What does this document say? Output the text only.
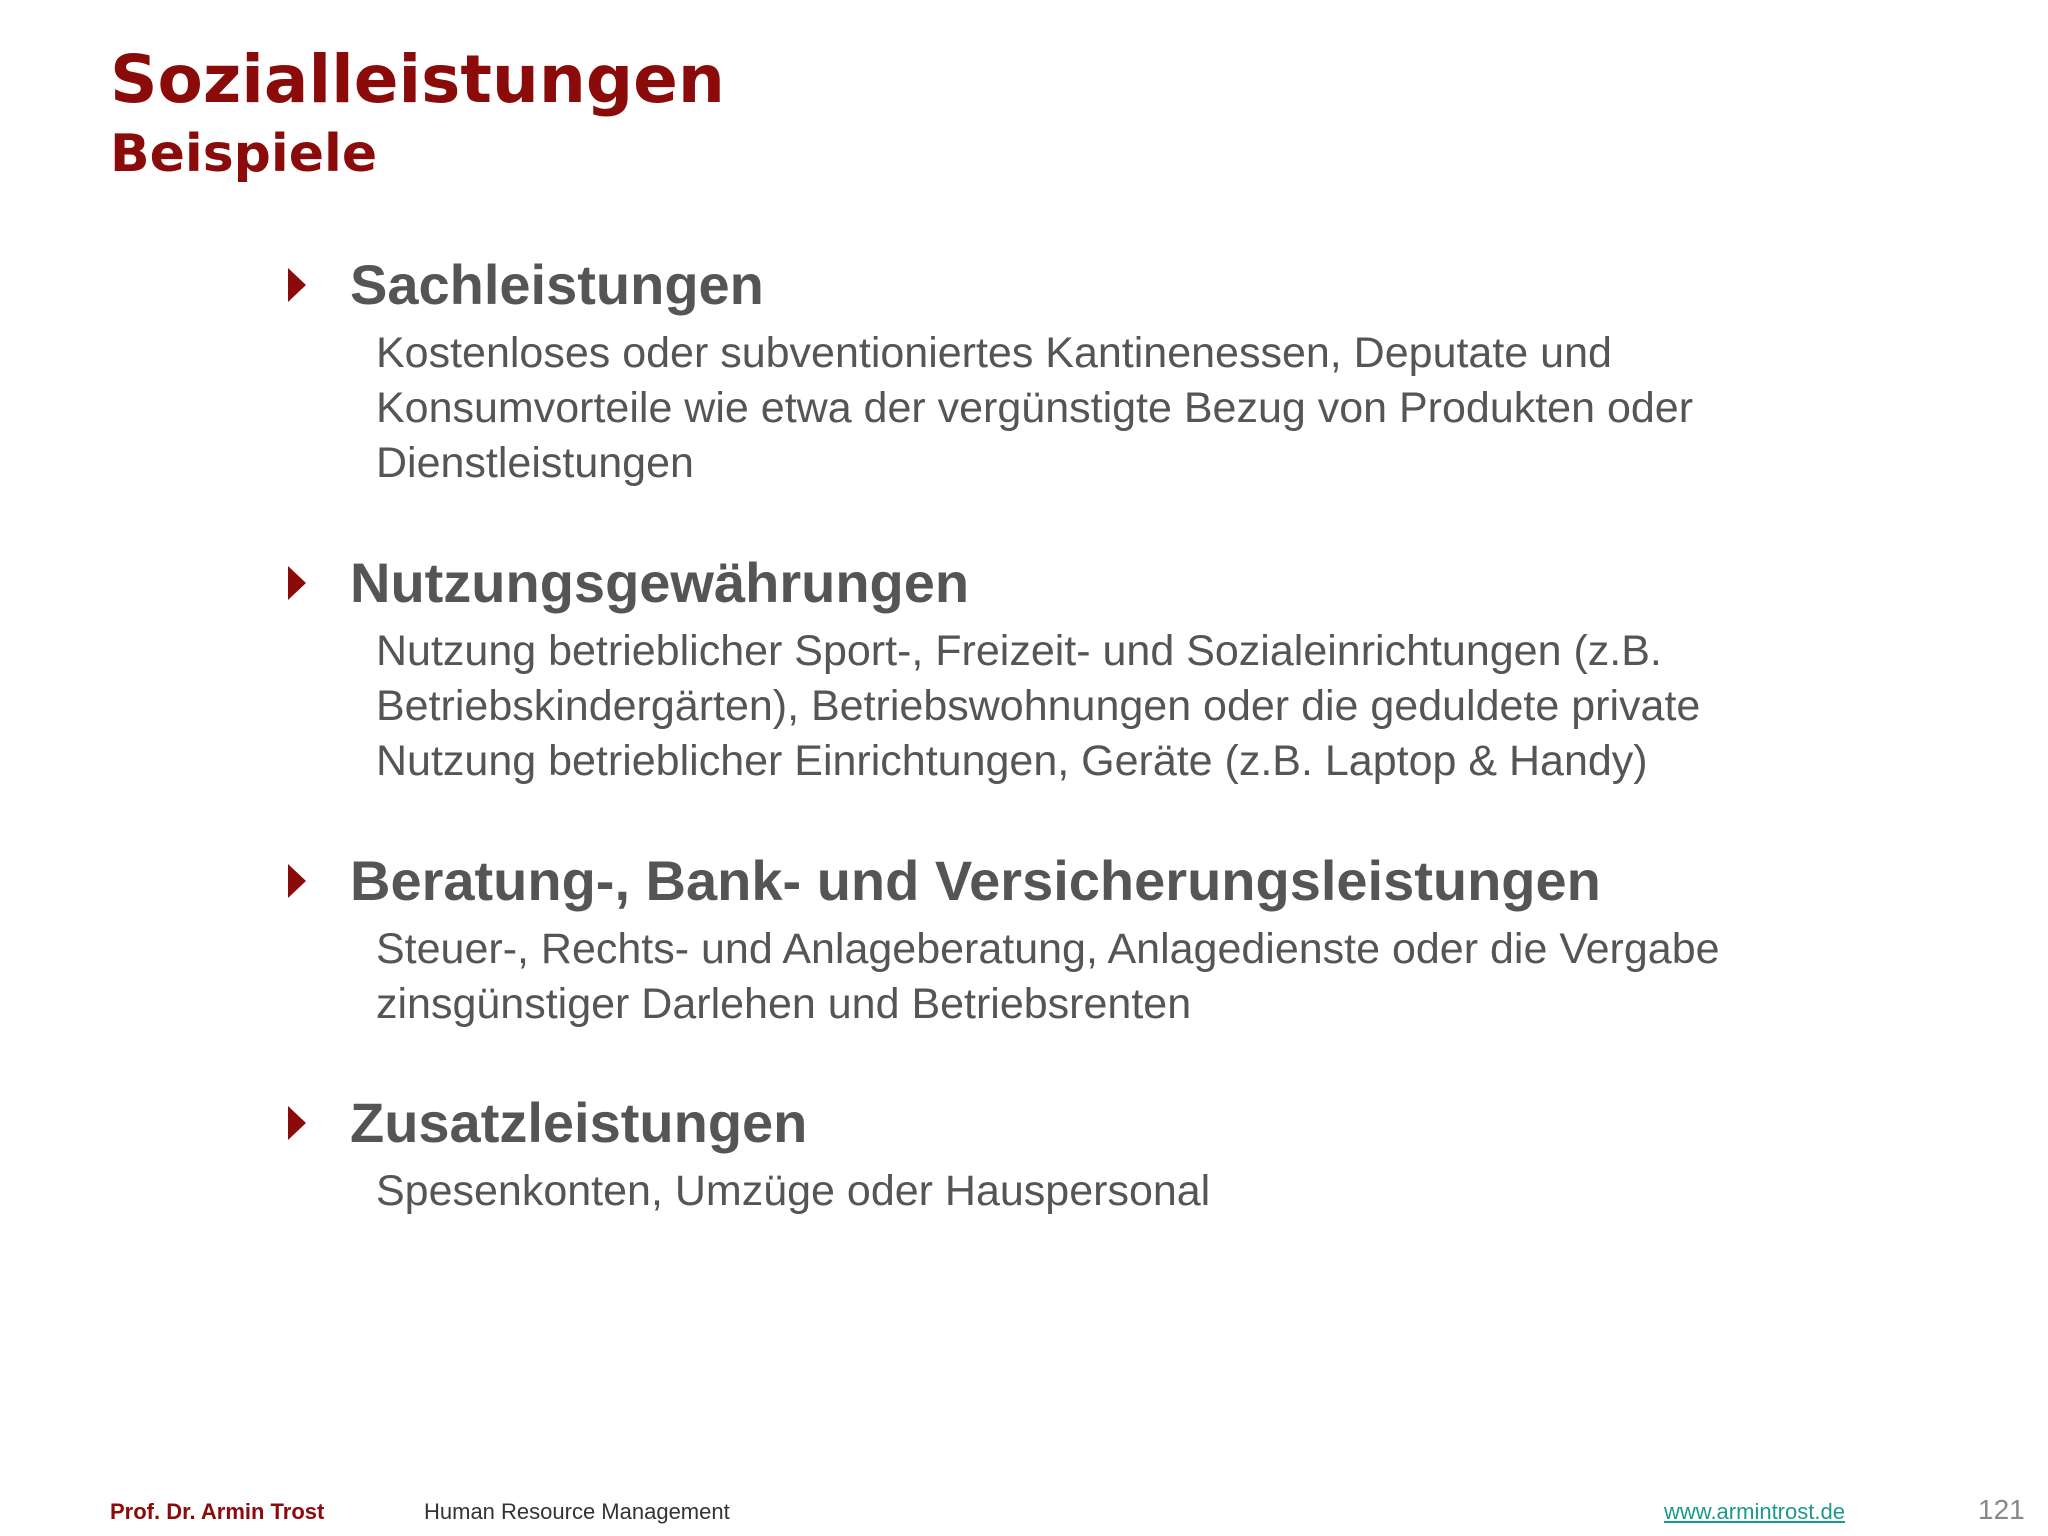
Sozialleistungen
Beispiele
Sachleistungen
Kostenloses oder subventioniertes Kantinenessen, Deputate und
Konsumvorteile wie etwa der vergünstigte Bezug von Produkten oder
Dienstleistungen
Nutzungsgewährungen
Nutzung betrieblicher Sport-, Freizeit- und Sozialeinrichtungen (z.B.
Betriebskindergärten), Betriebswohnungen oder die geduldete private
Nutzung betrieblicher Einrichtungen, Geräte (z.B. Laptop & Handy)
Beratung-, Bank- und Versicherungsleistungen
Steuer-, Rechts- und Anlageberatung, Anlagedienste oder die Vergabe
zinsgünstiger Darlehen und Betriebsrenten
Zusatzleistungen
Spesenkonten, Umzüge oder Hauspersonal
Prof. Dr. Armin Trost	Human Resource Management	www.armintrost.de	121
